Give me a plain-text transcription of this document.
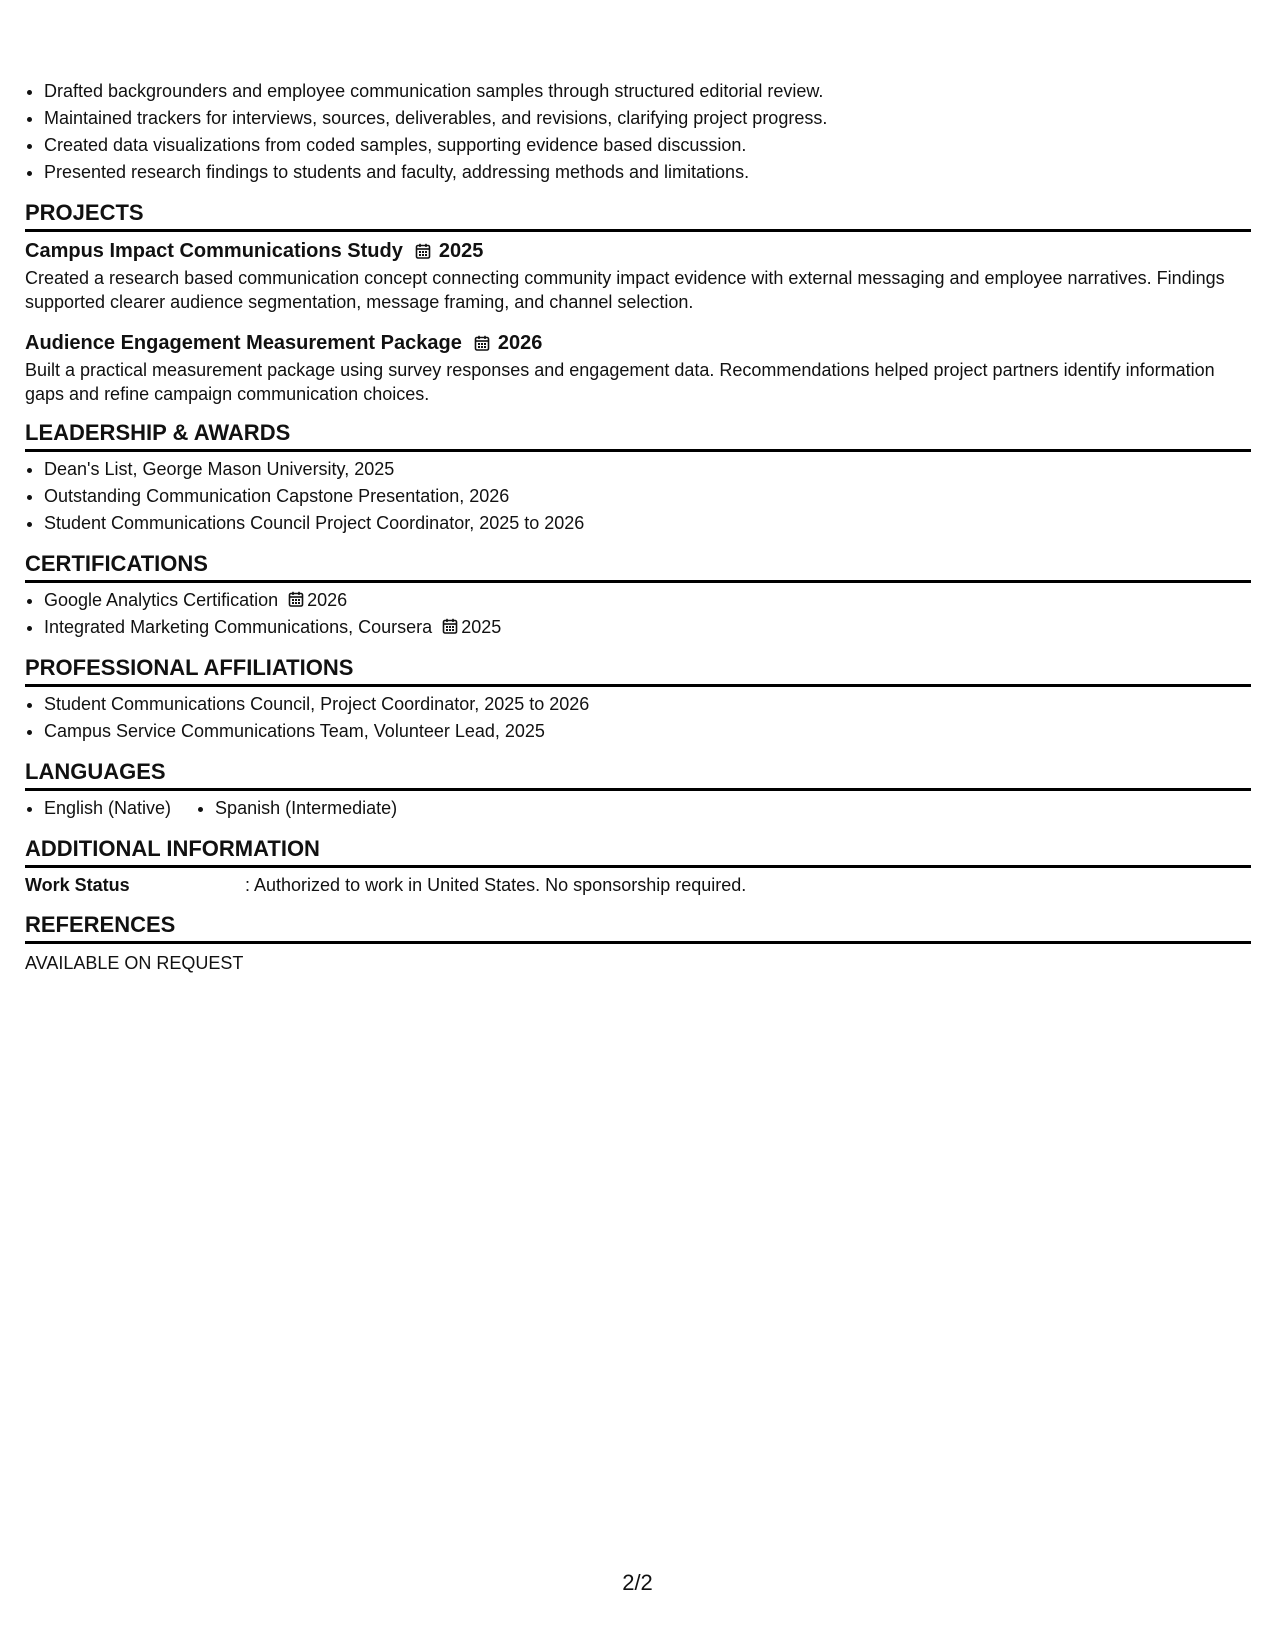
• Drafted backgrounders and employee communication samples through structured editorial review.
• Maintained trackers for interviews, sources, deliverables, and revisions, clarifying project progress.
• Created data visualizations from coded samples, supporting evidence based discussion.
• Presented research findings to students and faculty, addressing methods and limitations.
PROJECTS
Campus Impact Communications Study 2025
Created a research based communication concept connecting community impact evidence with external messaging and employee narratives. Findings supported clearer audience segmentation, message framing, and channel selection.
Audience Engagement Measurement Package 2026
Built a practical measurement package using survey responses and engagement data. Recommendations helped project partners identify information gaps and refine campaign communication choices.
LEADERSHIP & AWARDS
• Dean's List, George Mason University, 2025
• Outstanding Communication Capstone Presentation, 2026
• Student Communications Council Project Coordinator, 2025 to 2026
CERTIFICATIONS
• Google Analytics Certification 2026
• Integrated Marketing Communications, Coursera 2025
PROFESSIONAL AFFILIATIONS
• Student Communications Council, Project Coordinator, 2025 to 2026
• Campus Service Communications Team, Volunteer Lead, 2025
LANGUAGES
• English (Native)
• Spanish (Intermediate)
ADDITIONAL INFORMATION
Work Status	: Authorized to work in United States. No sponsorship required.
REFERENCES
AVAILABLE ON REQUEST
2/2
